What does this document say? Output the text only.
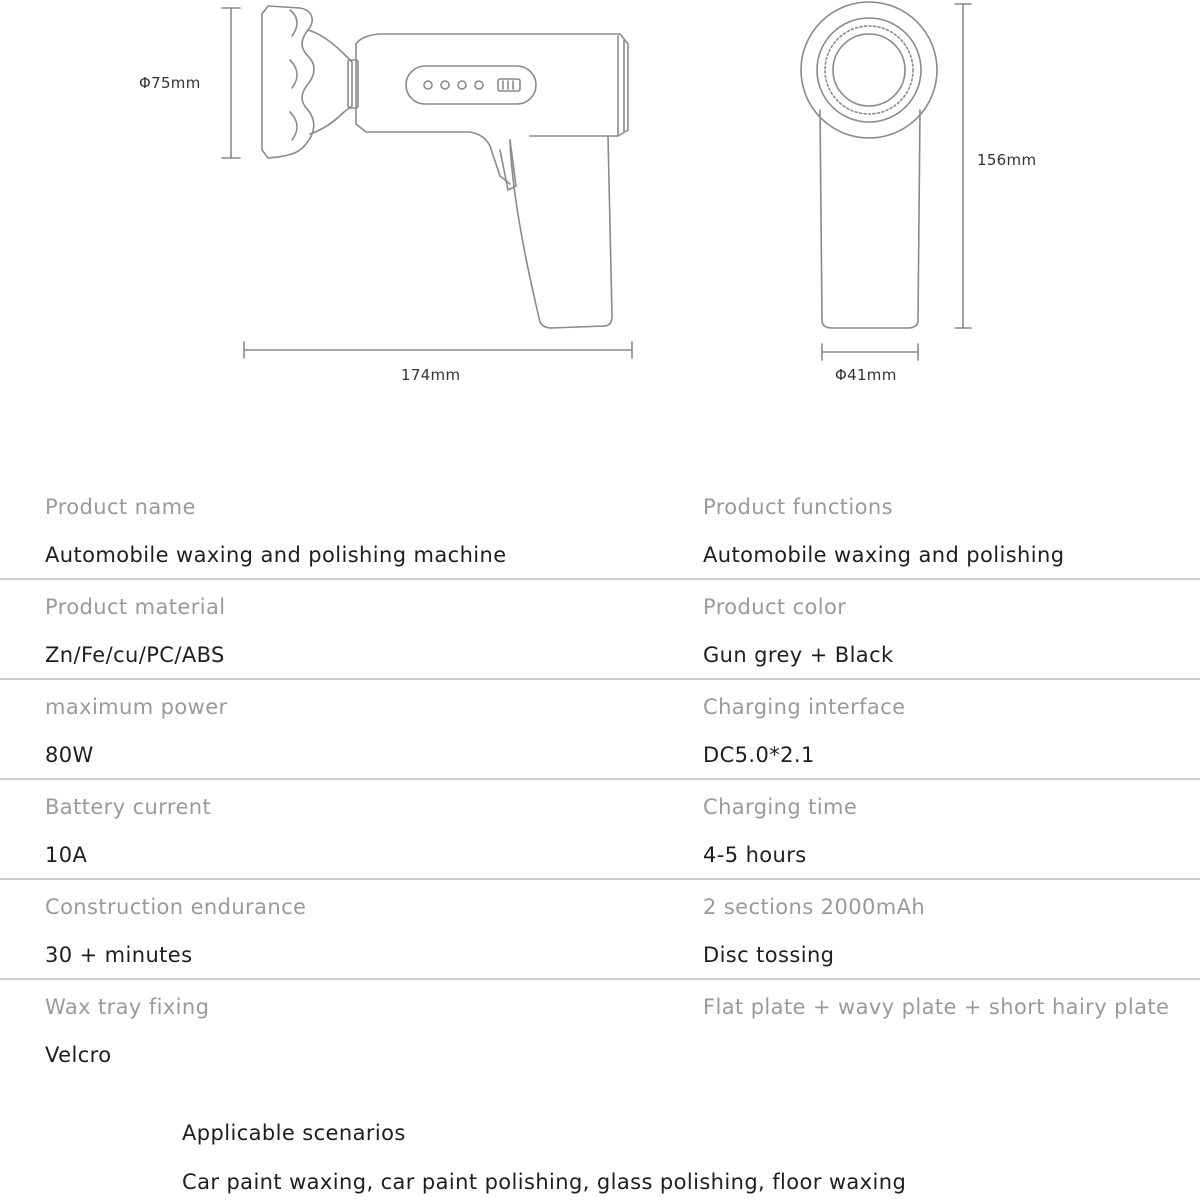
Φ75mm
174mm
156mm
Φ41mm
Product name
Automobile waxing and polishing machine
Product functions
Automobile waxing and polishing
Product material
Zn/Fe/cu/PC/ABS
Product color
Gun grey + Black
maximum power
80W
Charging interface
DC5.0*2.1
Battery current
10A
Charging time
4-5 hours
Construction endurance
30 + minutes
2 sections 2000mAh
Disc tossing
Wax tray fixing
Velcro
Flat plate + wavy plate + short hairy plate
Applicable scenarios
Car paint waxing, car paint polishing, glass polishing, floor waxing
